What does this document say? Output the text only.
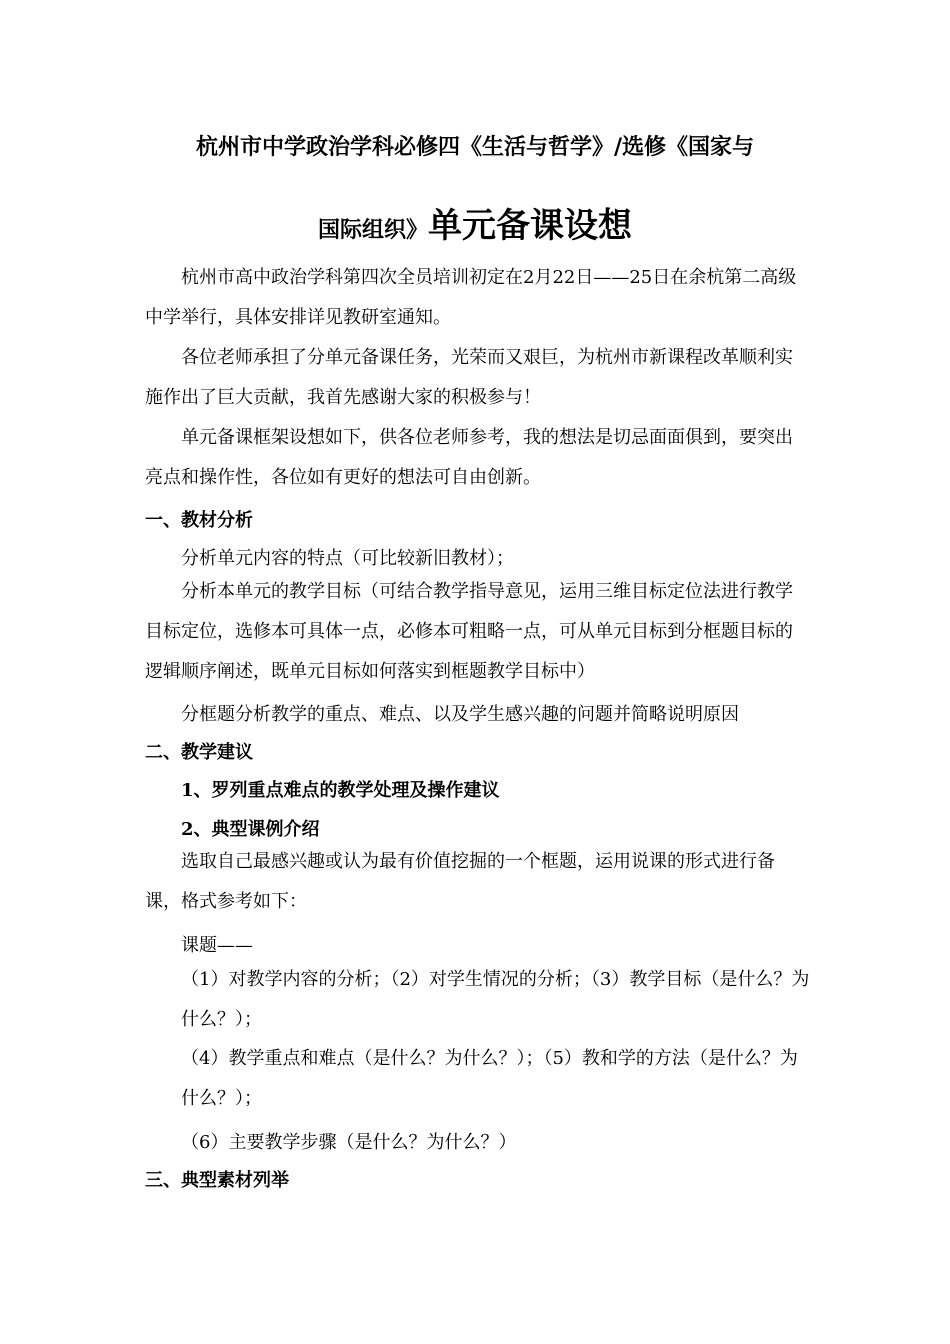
杭州市中学政治学科必修四《生活与哲学》/选修《国家与
国际组织》单元备课设想
杭州市高中政治学科第四次全员培训初定在2月22日——25日在余杭第二高级中学举行，具体安排详见教研室通知。
各位老师承担了分单元备课任务，光荣而又艰巨，为杭州市新课程改革顺利实施作出了巨大贡献，我首先感谢大家的积极参与！
单元备课框架设想如下，供各位老师参考，我的想法是切忌面面俱到，要突出亮点和操作性，各位如有更好的想法可自由创新。
一、教材分析
分析单元内容的特点（可比较新旧教材）；
分析本单元的教学目标（可结合教学指导意见，运用三维目标定位法进行教学目标定位，选修本可具体一点，必修本可粗略一点，可从单元目标到分框题目标的逻辑顺序阐述，既单元目标如何落实到框题教学目标中）
分框题分析教学的重点、难点、以及学生感兴趣的问题并简略说明原因
二、教学建议
1、罗列重点难点的教学处理及操作建议
2、典型课例介绍
选取自己最感兴趣或认为最有价值挖掘的一个框题，运用说课的形式进行备课，格式参考如下：
课题——
（1）对教学内容的分析；（2）对学生情况的分析；（3）教学目标（是什么？为什么？）；
（4）教学重点和难点（是什么？为什么？）；（5）教和学的方法（是什么？为什么？）；
（6）主要教学步骤（是什么？为什么？）
三、典型素材列举
